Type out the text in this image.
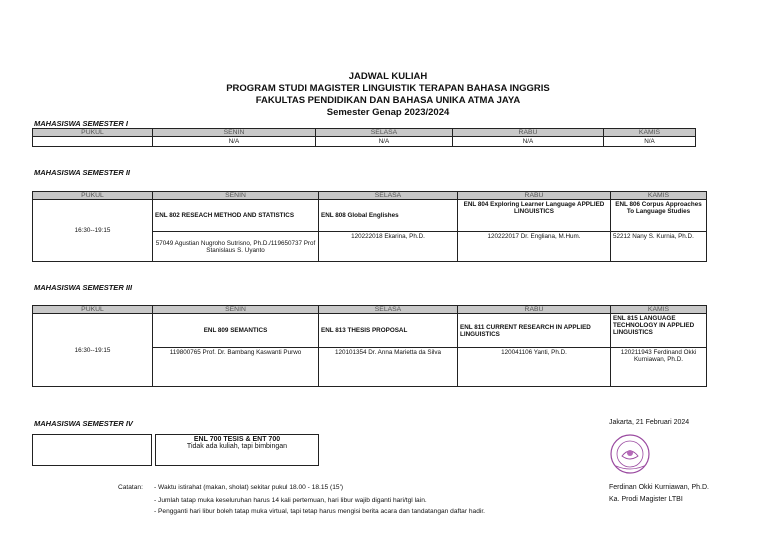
JADWAL KULIAH
PROGRAM STUDI MAGISTER LINGUISTIK TERAPAN BAHASA INGGRIS
FAKULTAS PENDIDIKAN DAN BAHASA UNIKA ATMA JAYA
Semester Genap 2023/2024
MAHASISWA SEMESTER I
PUKUL	SENIN	SELASA	RABU	KAMIS
	N/A	N/A	N/A	N/A
MAHASISWA SEMESTER II
PUKUL	SENIN	SELASA	RABU	KAMIS
16:30--19:15	ENL 802 RESEACH METHOD AND STATISTICS	ENL 808 Global Englishes	ENL 804 Exploring Learner Language APPLIED LINGUISTICS	ENL 806 Corpus Approaches To Language Studies
	57049 Agustian Nugroho Sutrisno, Ph.D./119650737 Prof Stanislaus S. Uyanto	120222018 Ekarina, Ph.D.	120222017 Dr. Engliana, M.Hum.	52212 Nany S. Kurnia, Ph.D.
MAHASISWA SEMESTER III
PUKUL	SENIN	SELASA	RABU	KAMIS
16:30--19:15	ENL 809 SEMANTICS	ENL 813 THESIS PROPOSAL	ENL 811 CURRENT RESEARCH IN APPLIED LINGUISTICS	ENL 815 LANGUAGE TECHNOLOGY IN APPLIED LINGUISTICS
	119800765 Prof. Dr. Bambang Kaswanti Purwo	120101354 Dr. Anna Marietta da Silva	120041106 Yanti, Ph.D.	120211943 Ferdinand Okki Kurniawan, Ph.D.
MAHASISWA SEMESTER IV
ENL 700 TESIS & ENT 700
Tidak ada kuliah, tapi bimbingan
Jakarta, 21 Februari 2024
Ferdinan Okki Kurniawan, Ph.D.
Ka. Prodi Magister LTBI
Catatan: - Waktu istirahat (makan, sholat) sekitar pukul 18.00 - 18.15 (15')
- Jumlah tatap muka keseluruhan harus 14 kali pertemuan, hari libur wajib diganti hari/tgl lain.
- Pengganti hari libur boleh tatap muka virtual, tapi tetap harus mengisi berita acara dan tandatangan daftar hadir.
